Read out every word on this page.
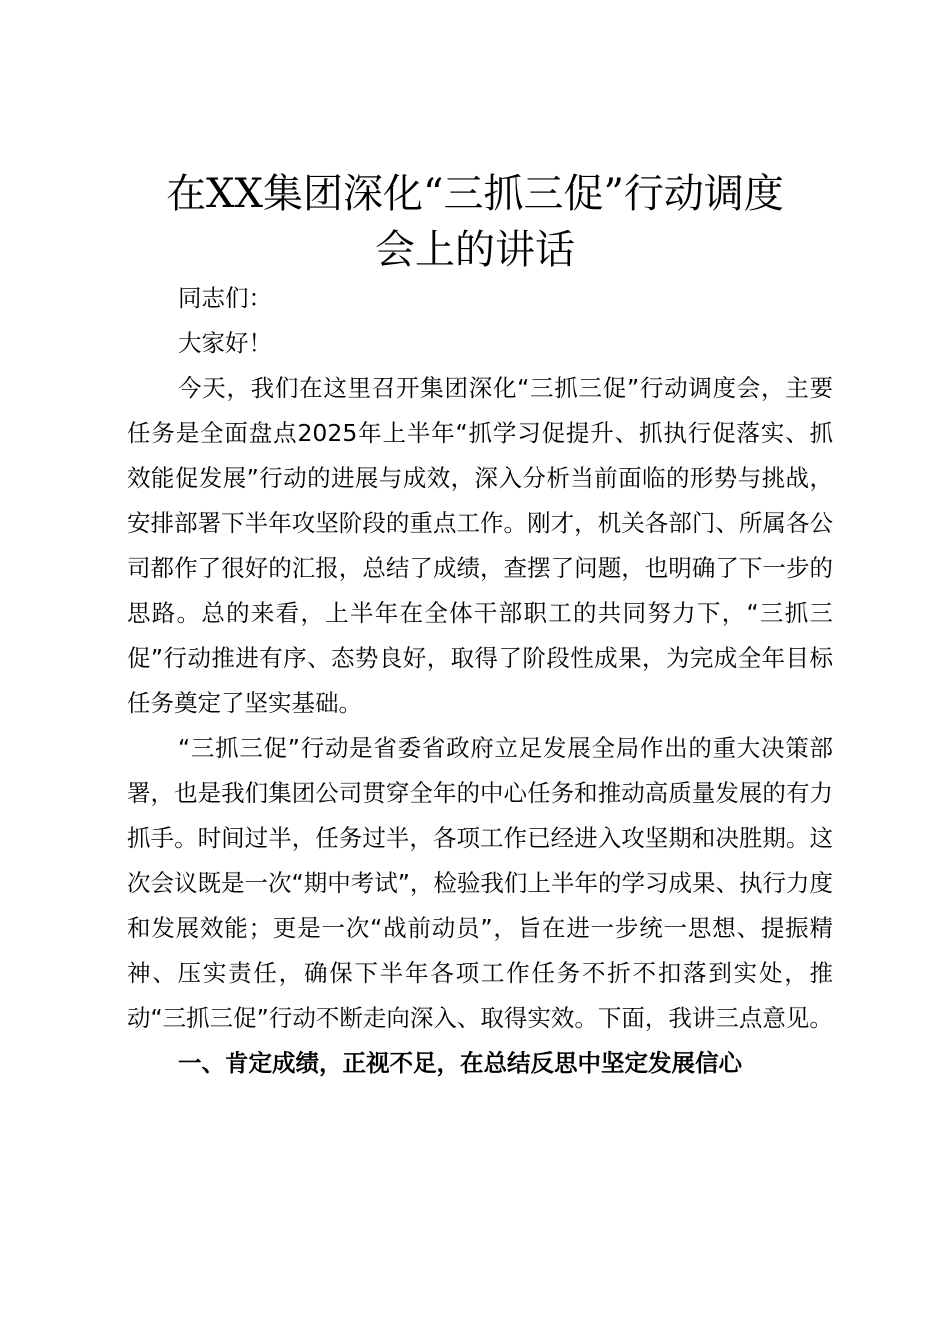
在XX集团深化“三抓三促”行动调度
会上的讲话

同志们：

大家好！

今天，我们在这里召开集团深化“三抓三促”行动调度会，主要任务是全面盘点2025年上半年“抓学习促提升、抓执行促落实、抓效能促发展”行动的进展与成效，深入分析当前面临的形势与挑战，安排部署下半年攻坚阶段的重点工作。刚才，机关各部门、所属各公司都作了很好的汇报，总结了成绩，查摆了问题，也明确了下一步的思路。总的来看，上半年在全体干部职工的共同努力下，“三抓三促”行动推进有序、态势良好，取得了阶段性成果，为完成全年目标任务奠定了坚实基础。

“三抓三促”行动是省委省政府立足发展全局作出的重大决策部署，也是我们集团公司贯穿全年的中心任务和推动高质量发展的有力抓手。时间过半，任务过半，各项工作已经进入攻坚期和决胜期。这次会议既是一次“期中考试”，检验我们上半年的学习成果、执行力度和发展效能；更是一次“战前动员”，旨在进一步统一思想、提振精神、压实责任，确保下半年各项工作任务不折不扣落到实处，推动“三抓三促”行动不断走向深入、取得实效。下面，我讲三点意见。

一、肯定成绩，正视不足，在总结反思中坚定发展信心
